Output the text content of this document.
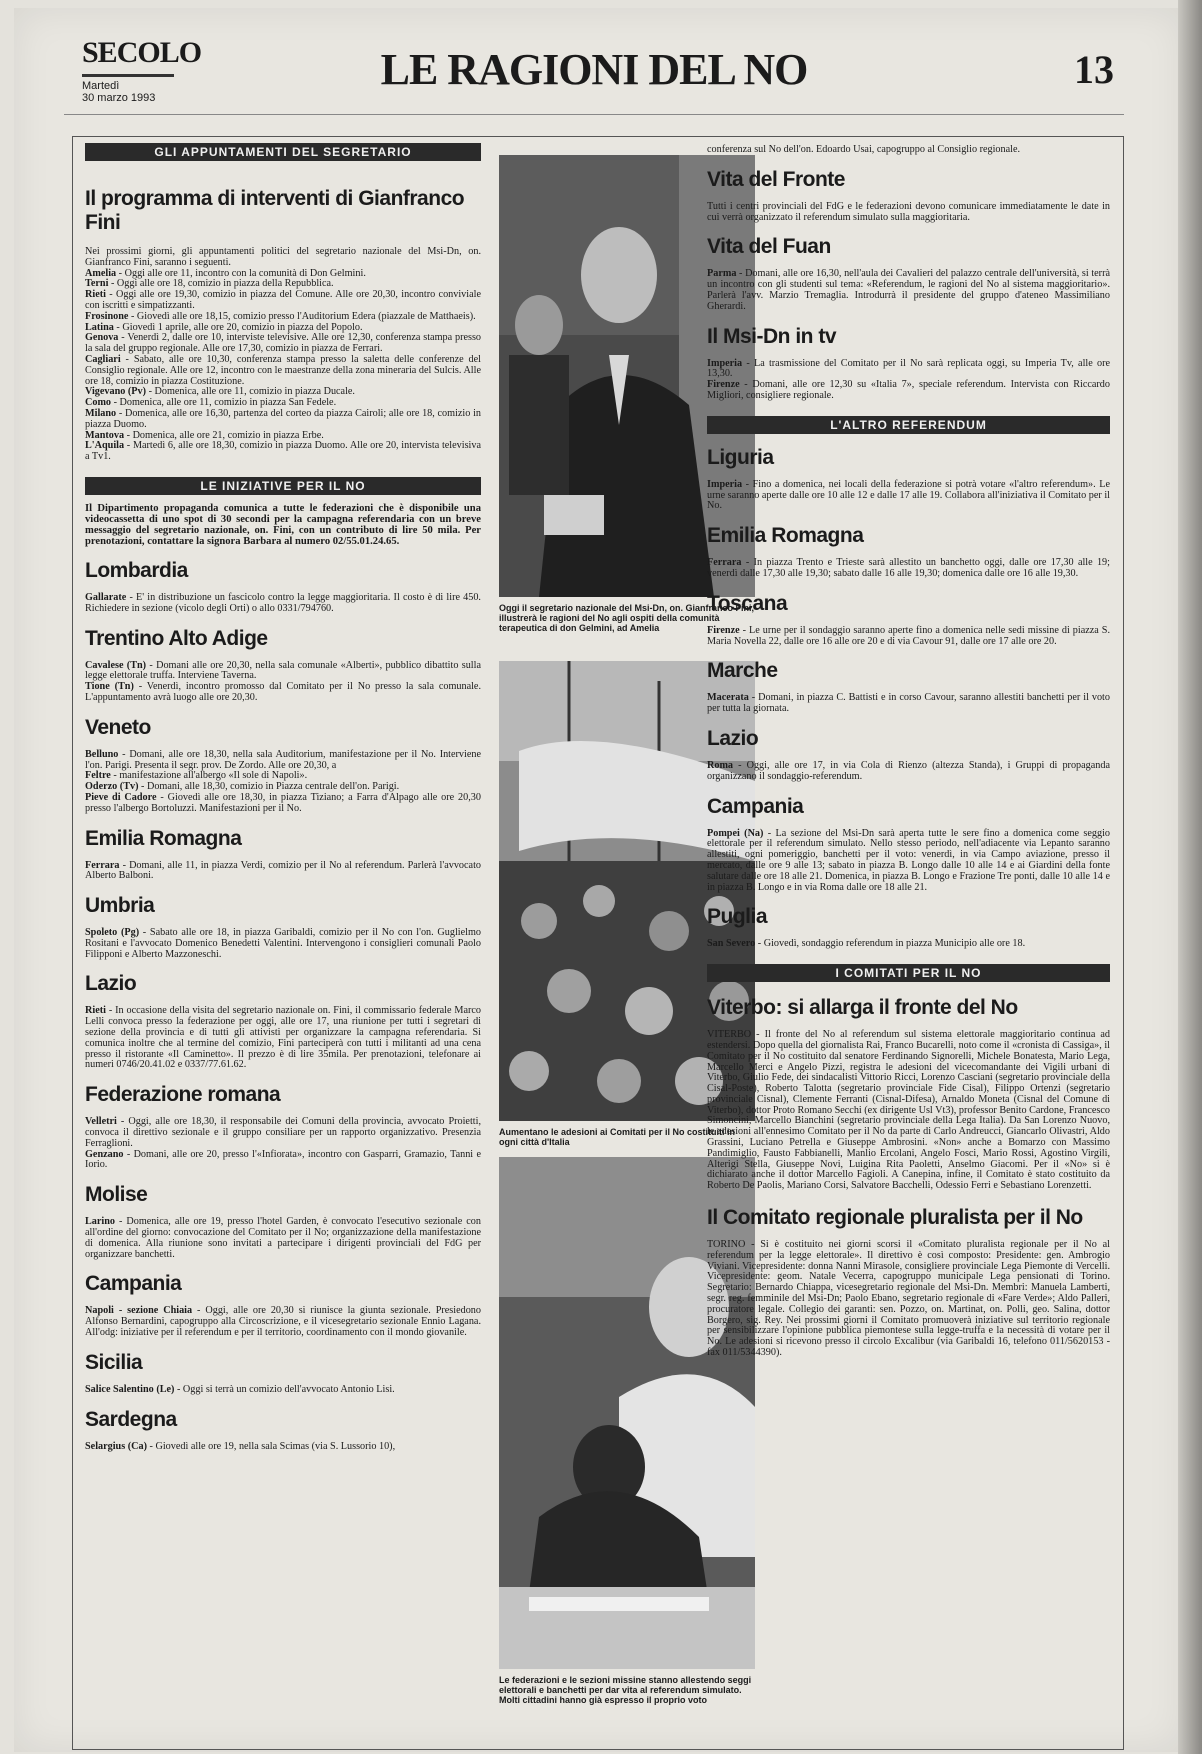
SECOLO
Martedì
30 marzo 1993
LE RAGIONI DEL NO	13
GLI APPUNTAMENTI DEL SEGRETARIO
Il programma di interventi di Gianfranco Fini

Nei prossimi giorni, gli appuntamenti politici del segretario nazionale del Msi-Dn, on. Gianfranco Fini, saranno i seguenti.

Amelia - Oggi alle ore 11, incontro con la comunità di Don Gelmini.

Terni - Oggi alle ore 18, comizio in piazza della Repubblica.

Rieti - Oggi alle ore 19,30, comizio in piazza del Comune. Alle ore 20,30, incontro conviviale con iscritti e simpatizzanti.

Frosinone - Giovedì alle ore 18,15, comizio presso l'Auditorium Edera (piazzale de Matthaeis).

Latina - Giovedì 1 aprile, alle ore 20, comizio in piazza del Popolo.

Genova - Venerdì 2, dalle ore 10, interviste televisive. Alle ore 12,30, conferenza stampa presso la sala del gruppo regionale. Alle ore 17,30, comizio in piazza de Ferrari.

Cagliari - Sabato, alle ore 10,30, conferenza stampa presso la saletta delle conferenze del Consiglio regionale. Alle ore 12, incontro con le maestranze della zona mineraria del Sulcis. Alle ore 18, comizio in piazza Costituzione.

Vigevano (Pv) - Domenica, alle ore 11, comizio in piazza Ducale.

Como - Domenica, alle ore 11, comizio in piazza San Fedele.

Milano - Domenica, alle ore 16,30, partenza del corteo da piazza Cairoli; alle ore 18, comizio in piazza Duomo.

Mantova - Domenica, alle ore 21, comizio in piazza Erbe.

L'Aquila - Martedì 6, alle ore 18,30, comizio in piazza Duomo. Alle ore 20, intervista televisiva a Tv1.

LE INIZIATIVE PER IL NO

Il Dipartimento propaganda comunica a tutte le federazioni che è disponibile una videocassetta di uno spot di 30 secondi per la campagna referendaria con un breve messaggio del segretario nazionale, on. Fini, con un contributo di lire 50 mila. Per prenotazioni, contattare la signora Barbara al numero 02/55.01.24.65.

Lombardia

Gallarate - E' in distribuzione un fascicolo contro la legge maggioritaria. Il costo è di lire 450. Richiedere in sezione (vicolo degli Orti) o allo 0331/794760.

Trentino Alto Adige

Cavalese (Tn) - Domani alle ore 20,30, nella sala comunale «Alberti», pubblico dibattito sulla legge elettorale truffa. Interviene Taverna.

Tione (Tn) - Venerdì, incontro promosso dal Comitato per il No presso la sala comunale. L'appuntamento avrà luogo alle ore 20,30.

Veneto

Belluno - Domani, alle ore 18,30, nella sala Auditorium, manifestazione per il No. Interviene l'on. Parigi. Presenta il segr. prov. De Zordo. Alle ore 20,30, a

Feltre - manifestazione all'albergo «Il sole di Napoli».

Oderzo (Tv) - Domani, alle 18,30, comizio in Piazza centrale dell'on. Parigi.

Pieve di Cadore - Giovedì alle ore 18,30, in piazza Tiziano; a Farra d'Alpago alle ore 20,30 presso l'albergo Bortoluzzi. Manifestazioni per il No.

Emilia Romagna

Ferrara - Domani, alle 11, in piazza Verdi, comizio per il No al referendum. Parlerà l'avvocato Alberto Balboni.

Umbria

Spoleto (Pg) - Sabato alle ore 18, in piazza Garibaldi, comizio per il No con l'on. Guglielmo Rositani e l'avvocato Domenico Benedetti Valentini. Intervengono i consiglieri comunali Paolo Filipponi e Alberto Mazzoneschi.

Lazio

Rieti - In occasione della visita del segretario nazionale on. Fini, il commissario federale Marco Lelli convoca presso la federazione per oggi, alle ore 17, una riunione per tutti i segretari di sezione della provincia e di tutti gli attivisti per organizzare la campagna referendaria. Si comunica inoltre che al termine del comizio, Fini parteciperà con tutti i militanti ad una cena presso il ristorante «Il Caminetto». Il prezzo è di lire 35mila. Per prenotazioni, telefonare ai numeri 0746/20.41.02 e 0337/77.61.62.

Federazione romana

Velletri - Oggi, alle ore 18,30, il responsabile dei Comuni della provincia, avvocato Proietti, convoca il direttivo sezionale e il gruppo consiliare per un rapporto organizzativo. Presenzia Ferraglioni.

Genzano - Domani, alle ore 20, presso l'«Infiorata», incontro con Gasparri, Gramazio, Tanni e Iorio.

Molise

Larino - Domenica, alle ore 19, presso l'hotel Garden, è convocato l'esecutivo sezionale con all'ordine del giorno: convocazione del Comitato per il No; organizzazione della manifestazione di domenica. Alla riunione sono invitati a partecipare i dirigenti provinciali del FdG per organizzare banchetti.

Campania

Napoli - sezione Chiaia - Oggi, alle ore 20,30 si riunisce la giunta sezionale. Presiedono Alfonso Bernardini, capogruppo alla Circoscrizione, e il vicesegretario sezionale Ennio Lagana. All'odg: iniziative per il referendum e per il territorio, coordinamento con il mondo giovanile.

Sicilia

Salice Salentino (Le) - Oggi si terrà un comizio dell'avvocato Antonio Lisi.

Sardegna

Selargius (Ca) - Giovedì alle ore 19, nella sala Scimas (via S. Lussorio 10),

Oggi il segretario nazionale del Msi-Dn, on. Gianfranco Fini, illustrerà le ragioni del No agli ospiti della comunità terapeutica di don Gelmini, ad Amelia
Aumentano le adesioni ai Comitati per il No costituiti in ogni città d'Italia
Le federazioni e le sezioni missine stanno allestendo seggi elettorali e banchetti per dar vita al referendum simulato. Molti cittadini hanno già espresso il proprio voto

conferenza sul No dell'on. Edoardo Usai, capogruppo al Consiglio regionale.

Vita del Fronte

Tutti i centri provinciali del FdG e le federazioni devono comunicare immediatamente le date in cui verrà organizzato il referendum simulato sulla maggioritaria.

Vita del Fuan

Parma - Domani, alle ore 16,30, nell'aula dei Cavalieri del palazzo centrale dell'università, si terrà un incontro con gli studenti sul tema: «Referendum, le ragioni del No al sistema maggioritario». Parlerà l'avv. Marzio Tremaglia. Introdurrà il presidente del gruppo d'ateneo Massimiliano Gherardi.

Il Msi-Dn in tv

Imperia - La trasmissione del Comitato per il No sarà replicata oggi, su Imperia Tv, alle ore 13,30.

Firenze - Domani, alle ore 12,30 su «Italia 7», speciale referendum. Intervista con Riccardo Migliori, consigliere regionale.

L'ALTRO REFERENDUM
Liguria

Imperia - Fino a domenica, nei locali della federazione si potrà votare «l'altro referendum». Le urne saranno aperte dalle ore 10 alle 12 e dalle 17 alle 19. Collabora all'iniziativa il Comitato per il No.

Emilia Romagna

Ferrara - In piazza Trento e Trieste sarà allestito un banchetto oggi, dalle ore 17,30 alle 19; venerdì dalle 17,30 alle 19,30; sabato dalle 16 alle 19,30; domenica dalle ore 16 alle 19,30.

Toscana

Firenze - Le urne per il sondaggio saranno aperte fino a domenica nelle sedi missine di piazza S. Maria Novella 22, dalle ore 16 alle ore 20 e di via Cavour 91, dalle ore 17 alle ore 20.

Marche

Macerata - Domani, in piazza C. Battisti e in corso Cavour, saranno allestiti banchetti per il voto per tutta la giornata.

Lazio

Roma - Oggi, alle ore 17, in via Cola di Rienzo (altezza Standa), i Gruppi di propaganda organizzano il sondaggio-referendum.

Campania

Pompei (Na) - La sezione del Msi-Dn sarà aperta tutte le sere fino a domenica come seggio elettorale per il referendum simulato. Nello stesso periodo, nell'adiacente via Lepanto saranno allestiti, ogni pomeriggio, banchetti per il voto: venerdì, in via Campo aviazione, presso il mercato, dalle ore 9 alle 13; sabato in piazza B. Longo dalle 10 alle 14 e ai Giardini della fonte salutare dalle ore 18 alle 21. Domenica, in piazza B. Longo e Frazione Tre ponti, dalle 10 alle 14 e in piazza B. Longo e in via Roma dalle ore 18 alle 21.

Puglia

San Severo - Giovedì, sondaggio referendum in piazza Municipio alle ore 18.

I COMITATI PER IL NO
Viterbo: si allarga il fronte del No

VITERBO - Il fronte del No al referendum sul sistema elettorale maggioritario continua ad estendersi. Dopo quella del giornalista Rai, Franco Bucarelli, noto come il «cronista di Cassiga», il Comitato per il No costituito dal senatore Ferdinando Signorelli, Michele Bonatesta, Mario Lega, Marcello Merci e Angelo Pizzi, registra le adesioni del vicecomandante dei Vigili urbani di Viterbo, Giulio Fede, dei sindacalisti Vittorio Ricci, Lorenzo Casciani (segretario provinciale della Cisal-Poste), Roberto Talotta (segretario provinciale Fide Cisal), Filippo Ortenzi (segretario provinciale Cisnal), Clemente Ferranti (Cisnal-Difesa), Arnaldo Moneta (Cisnal del Comune di Viterbo), dottor Proto Romano Secchi (ex dirigente Usl Vt3), professor Benito Cardone, Francesco Simoncini, Marcello Bianchini (segretario provinciale della Lega Italia). Da San Lorenzo Nuovo, le adesioni all'ennesimo Comitato per il No da parte di Carlo Andreucci, Giancarlo Olivastri, Aldo Grassini, Luciano Petrella e Giuseppe Ambrosini. «Non» anche a Bomarzo con Massimo Pandimiglio, Fausto Fabbianelli, Manlio Ercolani, Angelo Fosci, Mario Rossi, Agostino Virgili, Alterigi Stella, Giuseppe Novi, Luigina Rita Paoletti, Anselmo Giacomi. Per il «No» si è dichiarato anche il dottor Marcello Fagioli. A Canepina, infine, il Comitato è stato costituito da Roberto De Paolis, Mariano Corsi, Salvatore Bacchelli, Odessio Ferri e Sebastiano Lorenzetti.

Il Comitato regionale pluralista per il No

TORINO - Si è costituito nei giorni scorsi il «Comitato pluralista regionale per il No al referendum per la legge elettorale». Il direttivo è così composto: Presidente: gen. Ambrogio Viviani. Vicepresidente: donna Nanni Mirasole, consigliere provinciale Lega Piemonte di Vercelli. Vicepresidente: geom. Natale Vecerra, capogruppo municipale Lega pensionati di Torino. Segretario: Bernardo Chiappa, vicesegretario regionale del Msi-Dn. Membri: Manuela Lamberti, segr. reg. femminile del Msi-Dn; Paolo Ebano, segretario regionale di «Fare Verde»; Aldo Palleri, procuratore legale. Collegio dei garanti: sen. Pozzo, on. Martinat, on. Polli, geo. Salina, dottor Borgero, sig. Rey. Nei prossimi giorni il Comitato promuoverà iniziative sul territorio regionale per sensibilizzare l'opinione pubblica piemontese sulla legge-truffa e la necessità di votare per il No. Le adesioni si ricevono presso il circolo Excalibur (via Garibaldi 16, telefono 011/5620153 - fax 011/5344390).
